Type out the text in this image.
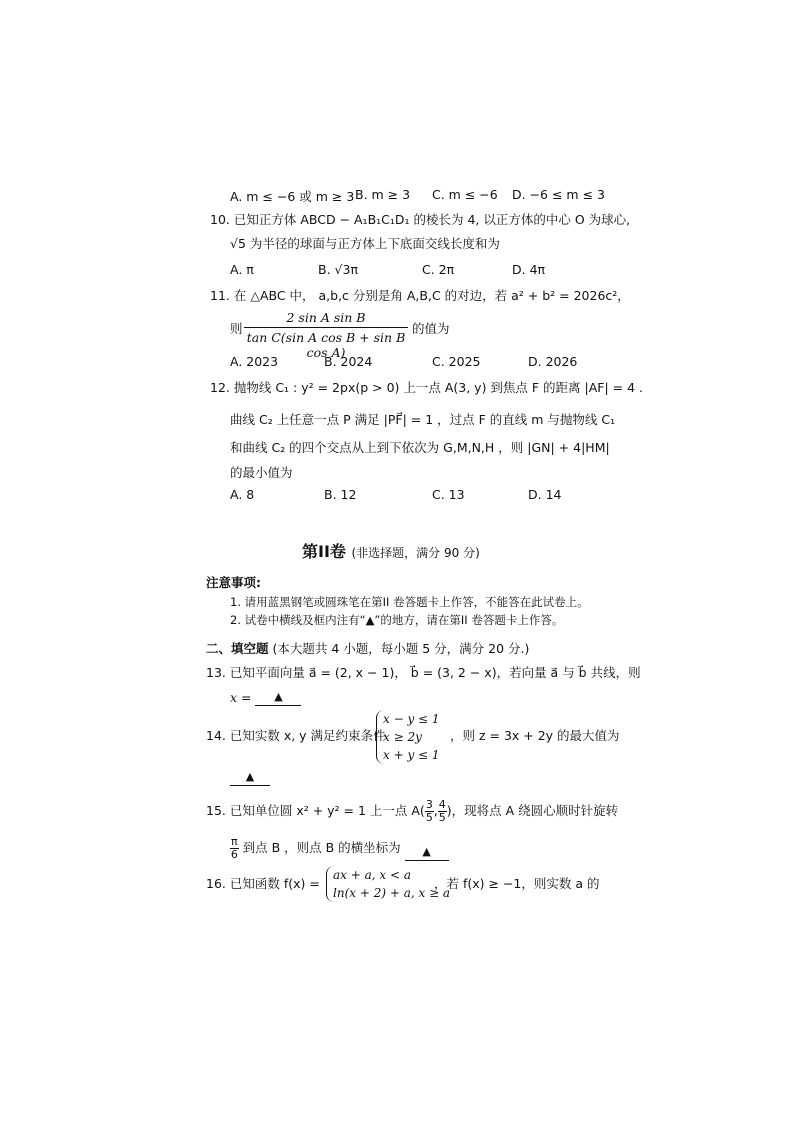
A. m ≤ −6 或 m ≥ 3 B. m ≥ 3 C. m ≤ −6 D. −6 ≤ m ≤ 3
10. 已知正方体 ABCD − A₁B₁C₁D₁ 的棱长为 4, 以正方体的中心 O 为球心,
√5 为半径的球面与正方体上下底面交线长度和为
A. π	B. √3π	C. 2π	D. 4π
11. 在 △ABC 中， a,b,c 分别是角 A,B,C 的对边，若 a² + b² = 2026c²，
则 $\frac{\text{2 sin A sin B}}{\text{tan C(sin A cos B + sin B cos A)}}$ 的值为
A. 2023	B. 2024	C. 2025	D. 2026
12. 抛物线 C₁ : y² = 2px(p > 0) 上一点 A(3, y) 到焦点 F 的距离 |AF| = 4 .
曲线 C₂ 上任意一点 P 满足 |PF⃗| = 1 ，过点 F 的直线 m 与抛物线 C₁
和曲线 C₂ 的四个交点从上到下依次为 G,M,N,H ，则 |GN| + 4|HM|
的最小值为
A. 8	B. 12	C. 13	D. 14
第II卷 (非选择题，满分 90 分)
注意事项:
1. 请用蓝黑钢笔或圆珠笔在第II 卷答题卡上作答，不能答在此试卷上。
2. 试卷中横线及框内注有“▲”的地方，请在第II 卷答题卡上作答。
二、填空题 (本大题共 4 小题，每小题 5 分，满分 20 分.)
13. 已知平面向量 a⃗ = (2, x − 1)， b⃗ = (3, 2 − x)，若向量 a⃗ 与 b⃗ 共线，则
x = ▲
14. 已知实数 x, y 满足约束条件
x − y ≤ 1
x ≥ 2y
x + y ≤ 1
，则 z = 3x + 2y 的最大值为
▲
15. 已知单位圆 x² + y² = 1 上一点 $A( \frac{3}{5}$ , $\frac{4}{5}$ )，现将点 A 绕圆心顺时针旋转
$\frac{\pi}{6}$ 到点 B ，则点 B 的横坐标为 ▲
16. 已知函数 f(x) =
ax + a, x < a
ln(x + 2) + a, x ≥ a
，若 f(x) ≥ −1，则实数 a 的
